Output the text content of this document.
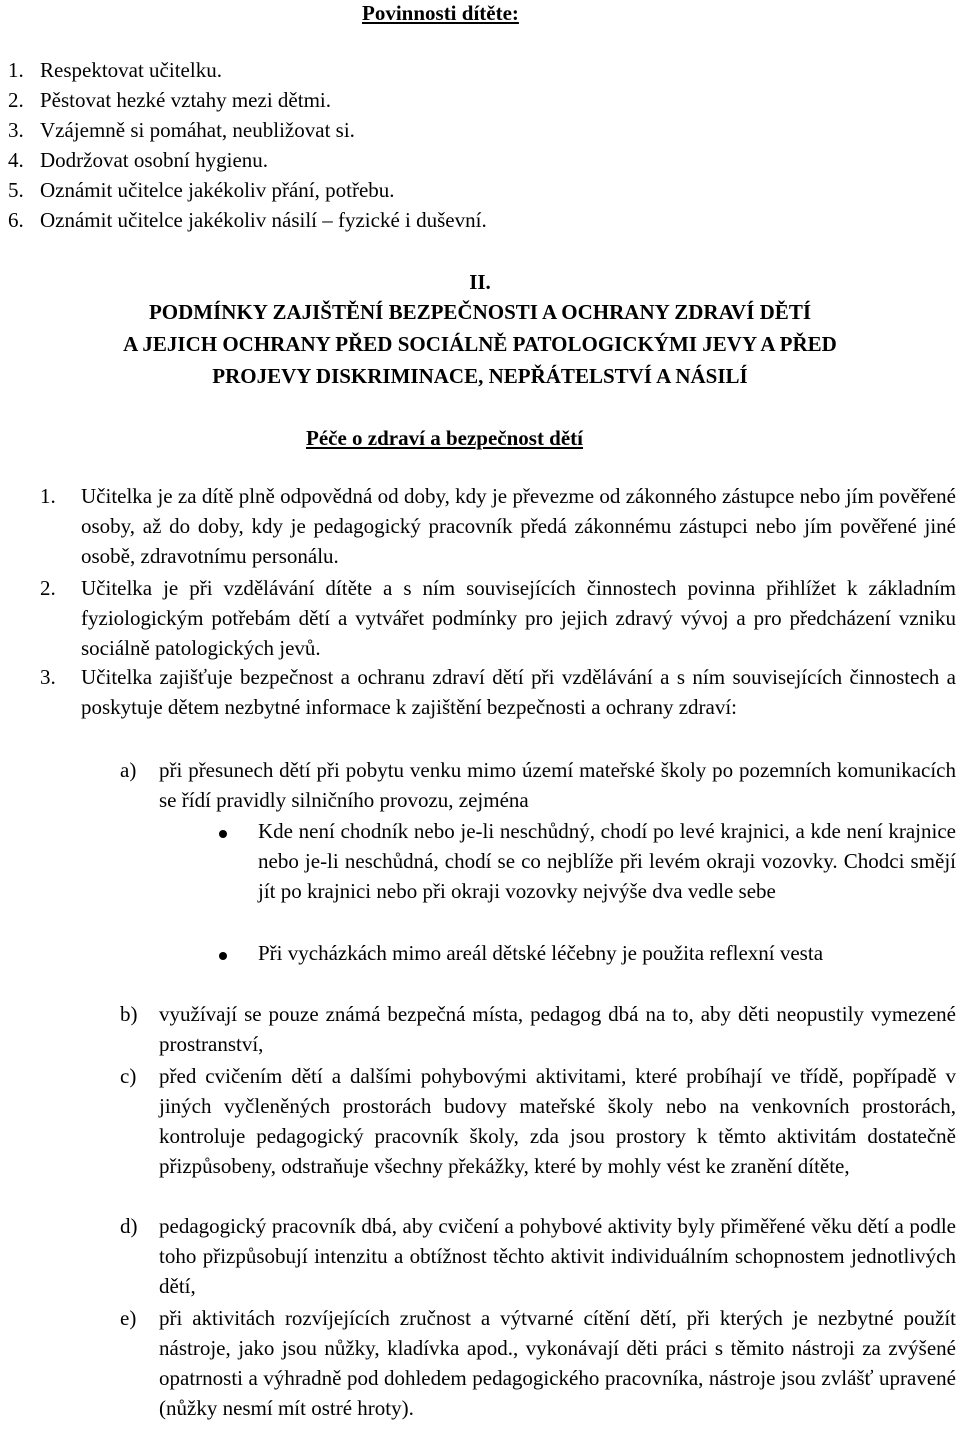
Povinnosti dítěte:
1. Respektovat učitelku.
2. Pěstovat hezké vztahy mezi dětmi.
3. Vzájemně si pomáhat, neubližovat si.
4. Dodržovat osobní hygienu.
5. Oznámit učitelce jakékoliv přání, potřebu.
6. Oznámit učitelce jakékoliv násilí – fyzické i duševní.
II.
PODMÍNKY ZAJIŠTĚNÍ BEZPEČNOSTI A OCHRANY ZDRAVÍ DĚTÍ
A JEJICH OCHRANY PŘED SOCIÁLNĚ PATOLOGICKÝMI JEVY A PŘED
PROJEVY DISKRIMINACE, NEPŘÁTELSTVÍ A NÁSILÍ
Péče o zdraví a bezpečnost dětí
1. Učitelka je za dítě plně odpovědná od doby, kdy je převezme od zákonného zástupce nebo jím pověřené osoby, až do doby, kdy je pedagogický pracovník předá zákonnému zástupci nebo jím pověřené jiné osobě, zdravotnímu personálu.
2. Učitelka je při vzdělávání dítěte a s ním souvisejících činnostech povinna přihlížet k základním fyziologickým potřebám dětí a vytvářet podmínky pro jejich zdravý vývoj a pro předcházení vzniku sociálně patologických jevů.
3. Učitelka zajišťuje bezpečnost a ochranu zdraví dětí při vzdělávání a s ním souvisejících činnostech a poskytuje dětem nezbytné informace k zajištění bezpečnosti a ochrany zdraví:
a) při přesunech dětí při pobytu venku mimo území mateřské školy po pozemních komunikacích se řídí pravidly silničního provozu, zejména
Kde není chodník nebo je-li neschůdný, chodí po levé krajnici, a kde není krajnice nebo je-li neschůdná, chodí se co nejblíže při levém okraji vozovky. Chodci smějí jít po krajnici nebo při okraji vozovky nejvýše dva vedle sebe
Při vycházkách mimo areál dětské léčebny je použita reflexní vesta
b) využívají se pouze známá bezpečná místa, pedagog dbá na to, aby děti neopustily vymezené prostranství,
c) před cvičením dětí a dalšími pohybovými aktivitami, které probíhají ve třídě, popřípadě v jiných vyčleněných prostorách budovy mateřské školy nebo na venkovních prostorách, kontroluje pedagogický pracovník školy, zda jsou prostory k těmto aktivitám dostatečně přizpůsobeny, odstraňuje všechny překážky, které by mohly vést ke zranění dítěte,
d) pedagogický pracovník dbá, aby cvičení a pohybové aktivity byly přiměřené věku dětí a podle toho přizpůsobují intenzitu a obtížnost těchto aktivit individuálním schopnostem jednotlivých dětí,
e) při aktivitách rozvíjejících zručnost a výtvarné cítění dětí, při kterých je nezbytné použít nástroje, jako jsou nůžky, kladívka apod., vykonávají děti práci s těmito nástroji za zvýšené opatrnosti a výhradně pod dohledem pedagogického pracovníka, nástroje jsou zvlášť upravené (nůžky nesmí mít ostré hroty).
